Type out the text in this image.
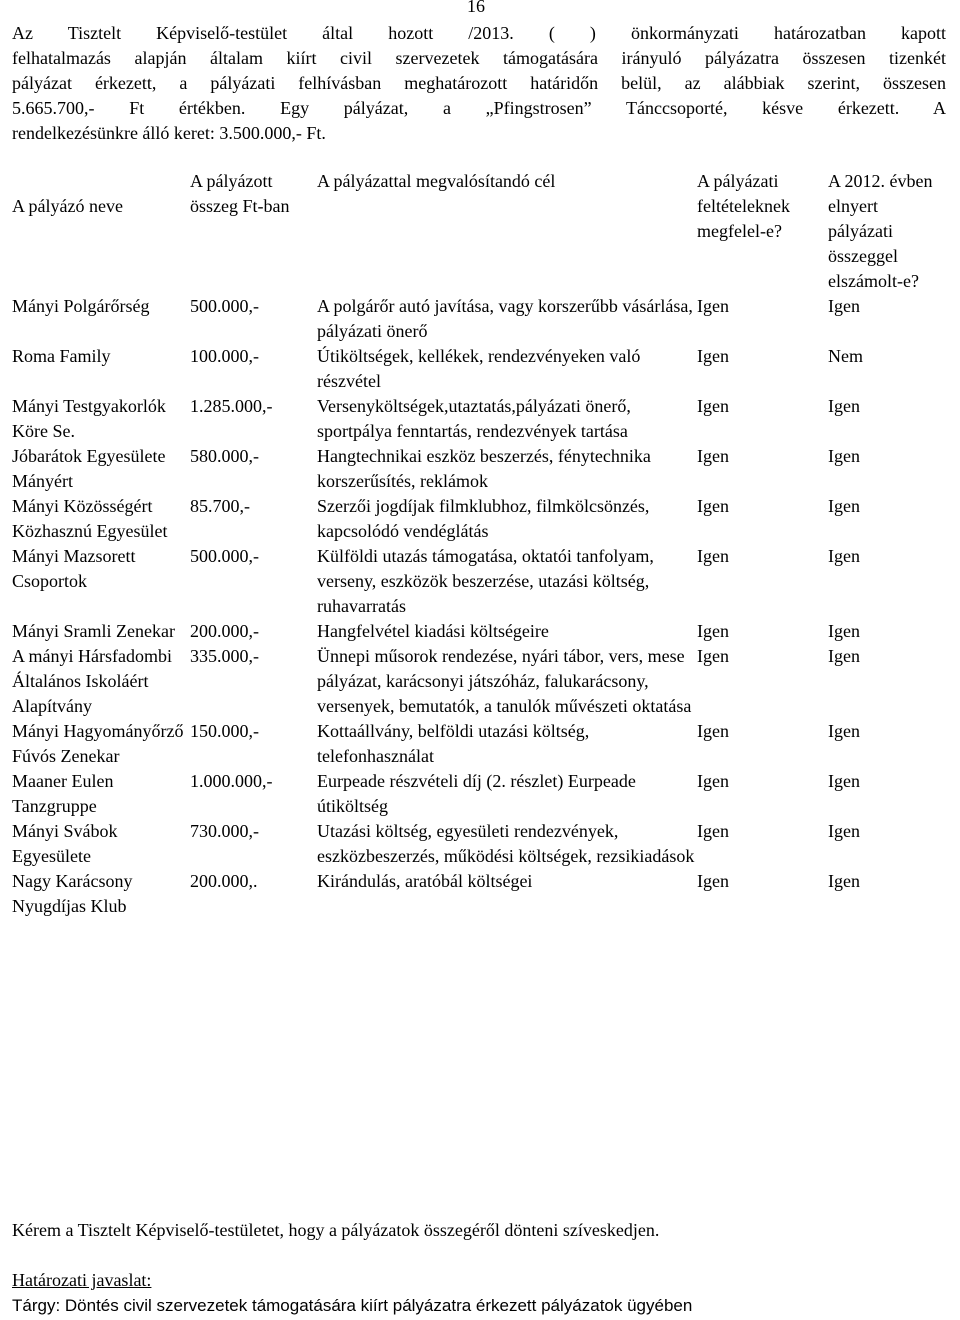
16
Az Tisztelt Képviselő-testület által hozott /2013. ( ) önkormányzati határozatban kapott
felhatalmazás alapján általam kiírt civil szervezetek támogatására irányuló pályázatra összesen tizenkét
pályázat érkezett, a pályázati felhívásban meghatározott határidőn belül, az alábbiak szerint, összesen
5.665.700,- Ft értékben. Egy pályázat, a „Pfingstrosen” Tánccsoporté, késve érkezett. A
rendelkezésünkre álló keret: 3.500.000,- Ft.
A pályázó neve	A pályázott összeg Ft-ban	A pályázattal megvalósítandó cél	A pályázati feltételeknek megfelel-e?	A 2012. évben elnyert pályázati összeggel elszámolt-e?
Mányi Polgárőrség	500.000,-	A polgárőr autó javítása, vagy korszerűbb vásárlása, pályázati önerő	Igen	Igen
Roma Family	100.000,-	Útiköltségek, kellékek, rendezvényeken való részvétel	Igen	Nem
Mányi Testgyakorlók Köre Se.	1.285.000,-	Versenyköltségek,utaztatás,pályázati önerő, sportpálya fenntartás, rendezvények tartása	Igen	Igen
Jóbarátok Egyesülete Mányért	580.000,-	Hangtechnikai eszköz beszerzés, fénytechnika korszerűsítés, reklámok	Igen	Igen
Mányi Közösségért Közhasznú Egyesület	85.700,-	Szerzői jogdíjak filmklubhoz, filmkölcsönzés, kapcsolódó vendéglátás	Igen	Igen
Mányi Mazsorett Csoportok	500.000,-	Külföldi utazás támogatása, oktatói tanfolyam, verseny, eszközök beszerzése, utazási költség, ruhavarratás	Igen	Igen
Mányi Sramli Zenekar	200.000,-	Hangfelvétel kiadási költségeire	Igen	Igen
A mányi Hársfadombi Általános Iskoláért Alapítvány	335.000,-	Ünnepi műsorok rendezése, nyári tábor, vers, mese pályázat, karácsonyi játszóház, falukarácsony, versenyek, bemutatók, a tanulók művészeti oktatása	Igen	Igen
Mányi Hagyományőrző Fúvós Zenekar	150.000,-	Kottaállvány, belföldi utazási költség, telefonhasználat	Igen	Igen
Maaner Eulen Tanzgruppe	1.000.000,-	Eurpeade részvételi díj (2. részlet) Eurpeade útiköltség	Igen	Igen
Mányi Svábok Egyesülete	730.000,-	Utazási költség, egyesületi rendezvények, eszközbeszerzés, működési költségek, rezsikiadások	Igen	Igen
Nagy Karácsony Nyugdíjas Klub	200.000,.	Kirándulás, aratóbál költségei	Igen	Igen
Kérem a Tisztelt Képviselő-testületet, hogy a pályázatok összegéről dönteni szíveskedjen.
Határozati javaslat:
Tárgy: Döntés civil szervezetek támogatására kiírt pályázatra érkezett pályázatok ügyében
